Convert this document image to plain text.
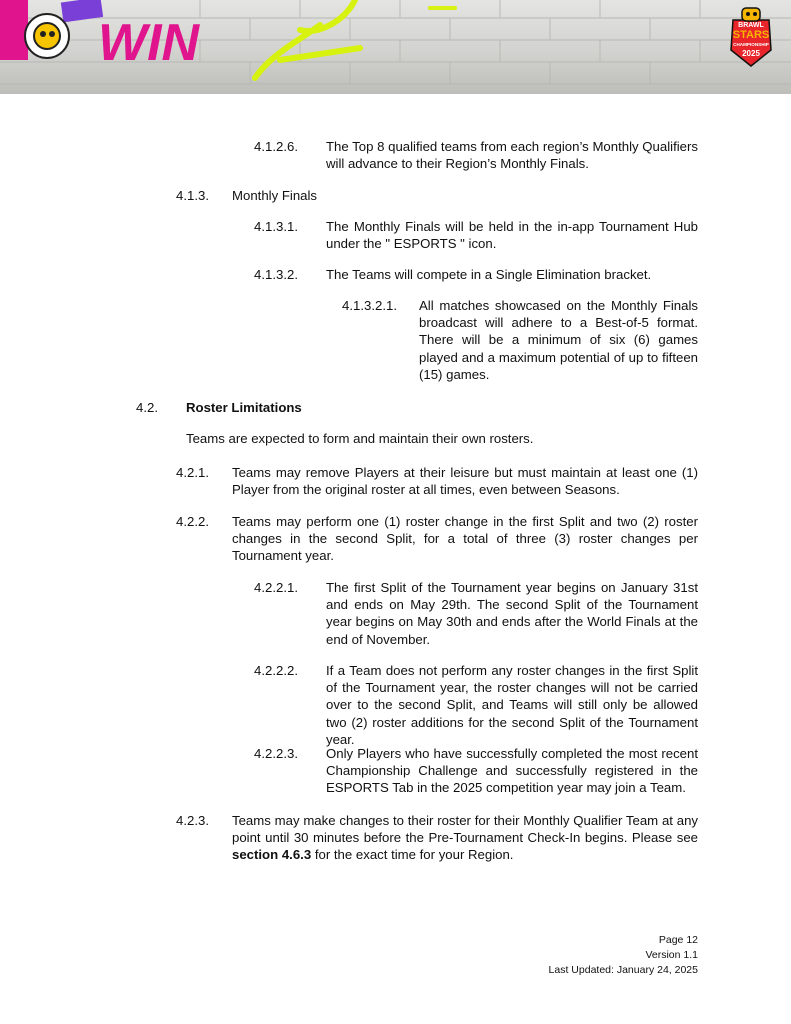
WIN	BRAWL
STARS
CHAMPIONSHIP
2025
4.1.2.6. The Top 8 qualified teams from each region’s Monthly Qualifiers will advance to their Region’s Monthly Finals.
4.1.3. Monthly Finals
4.1.3.1. The Monthly Finals will be held in the in-app Tournament Hub under the " ESPORTS " icon.
4.1.3.2. The Teams will compete in a Single Elimination bracket.
4.1.3.2.1. All matches showcased on the Monthly Finals broadcast will adhere to a Best-of-5 format. There will be a minimum of six (6) games played and a maximum potential of up to fifteen (15) games.
4.2. Roster Limitations
Teams are expected to form and maintain their own rosters.
4.2.1. Teams may remove Players at their leisure but must maintain at least one (1) Player from the original roster at all times, even between Seasons.
4.2.2. Teams may perform one (1) roster change in the first Split and two (2) roster changes in the second Split, for a total of three (3) roster changes per Tournament year.
4.2.2.1. The first Split of the Tournament year begins on January 31st and ends on May 29th. The second Split of the Tournament year begins on May 30th and ends after the World Finals at the end of November.
4.2.2.2. If a Team does not perform any roster changes in the first Split of the Tournament year, the roster changes will not be carried over to the second Split, and Teams will still only be allowed two (2) roster additions for the second Split of the Tournament year.
4.2.2.3. Only Players who have successfully completed the most recent Championship Challenge and successfully registered in the ESPORTS Tab in the 2025 competition year may join a Team.
4.2.3. Teams may make changes to their roster for their Monthly Qualifier Team at any point until 30 minutes before the Pre-Tournament Check-In begins. Please see section 4.6.3 for the exact time for your Region.
Page 12
Version 1.1
Last Updated: January 24, 2025
